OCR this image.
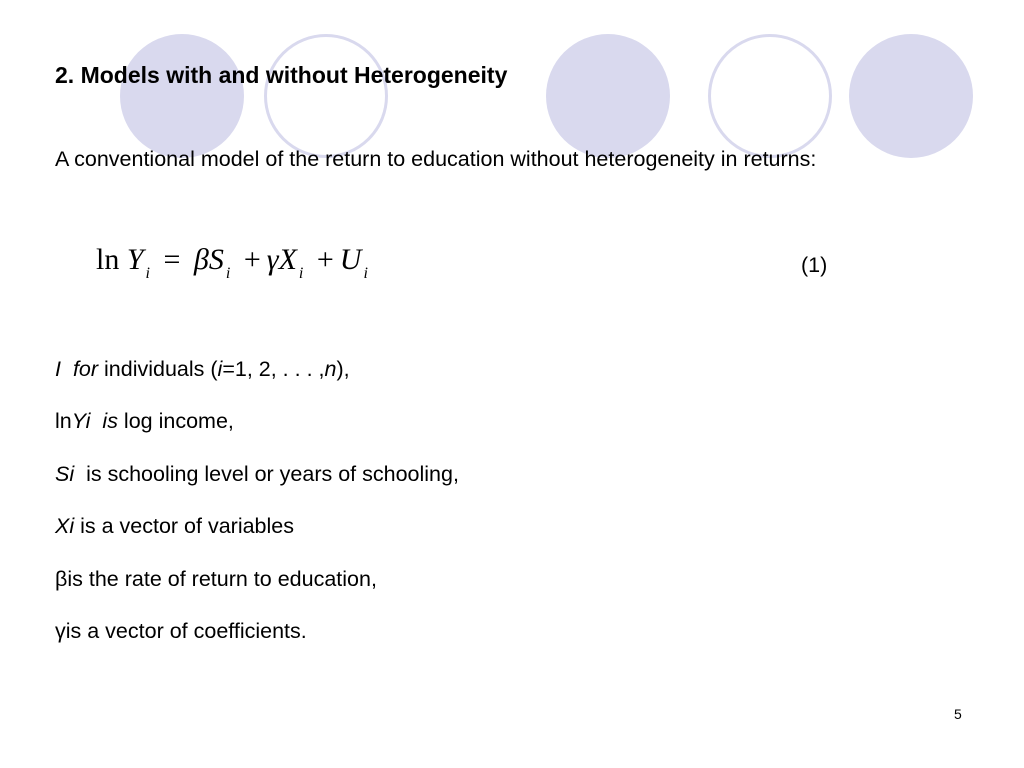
2. Models with and without Heterogeneity

A conventional model of the return to education without heterogeneity in returns:

ln Y $_i$ = βS $_i$ + γX $_i$ + U $_i$	(1)
I for individuals (i=1, 2, . . . ,n),
lnYi is log income,
Si  is schooling level or years of schooling,
Xi is a vector of variables
βis the rate of return to education,
γis a vector of coefficients.
5
